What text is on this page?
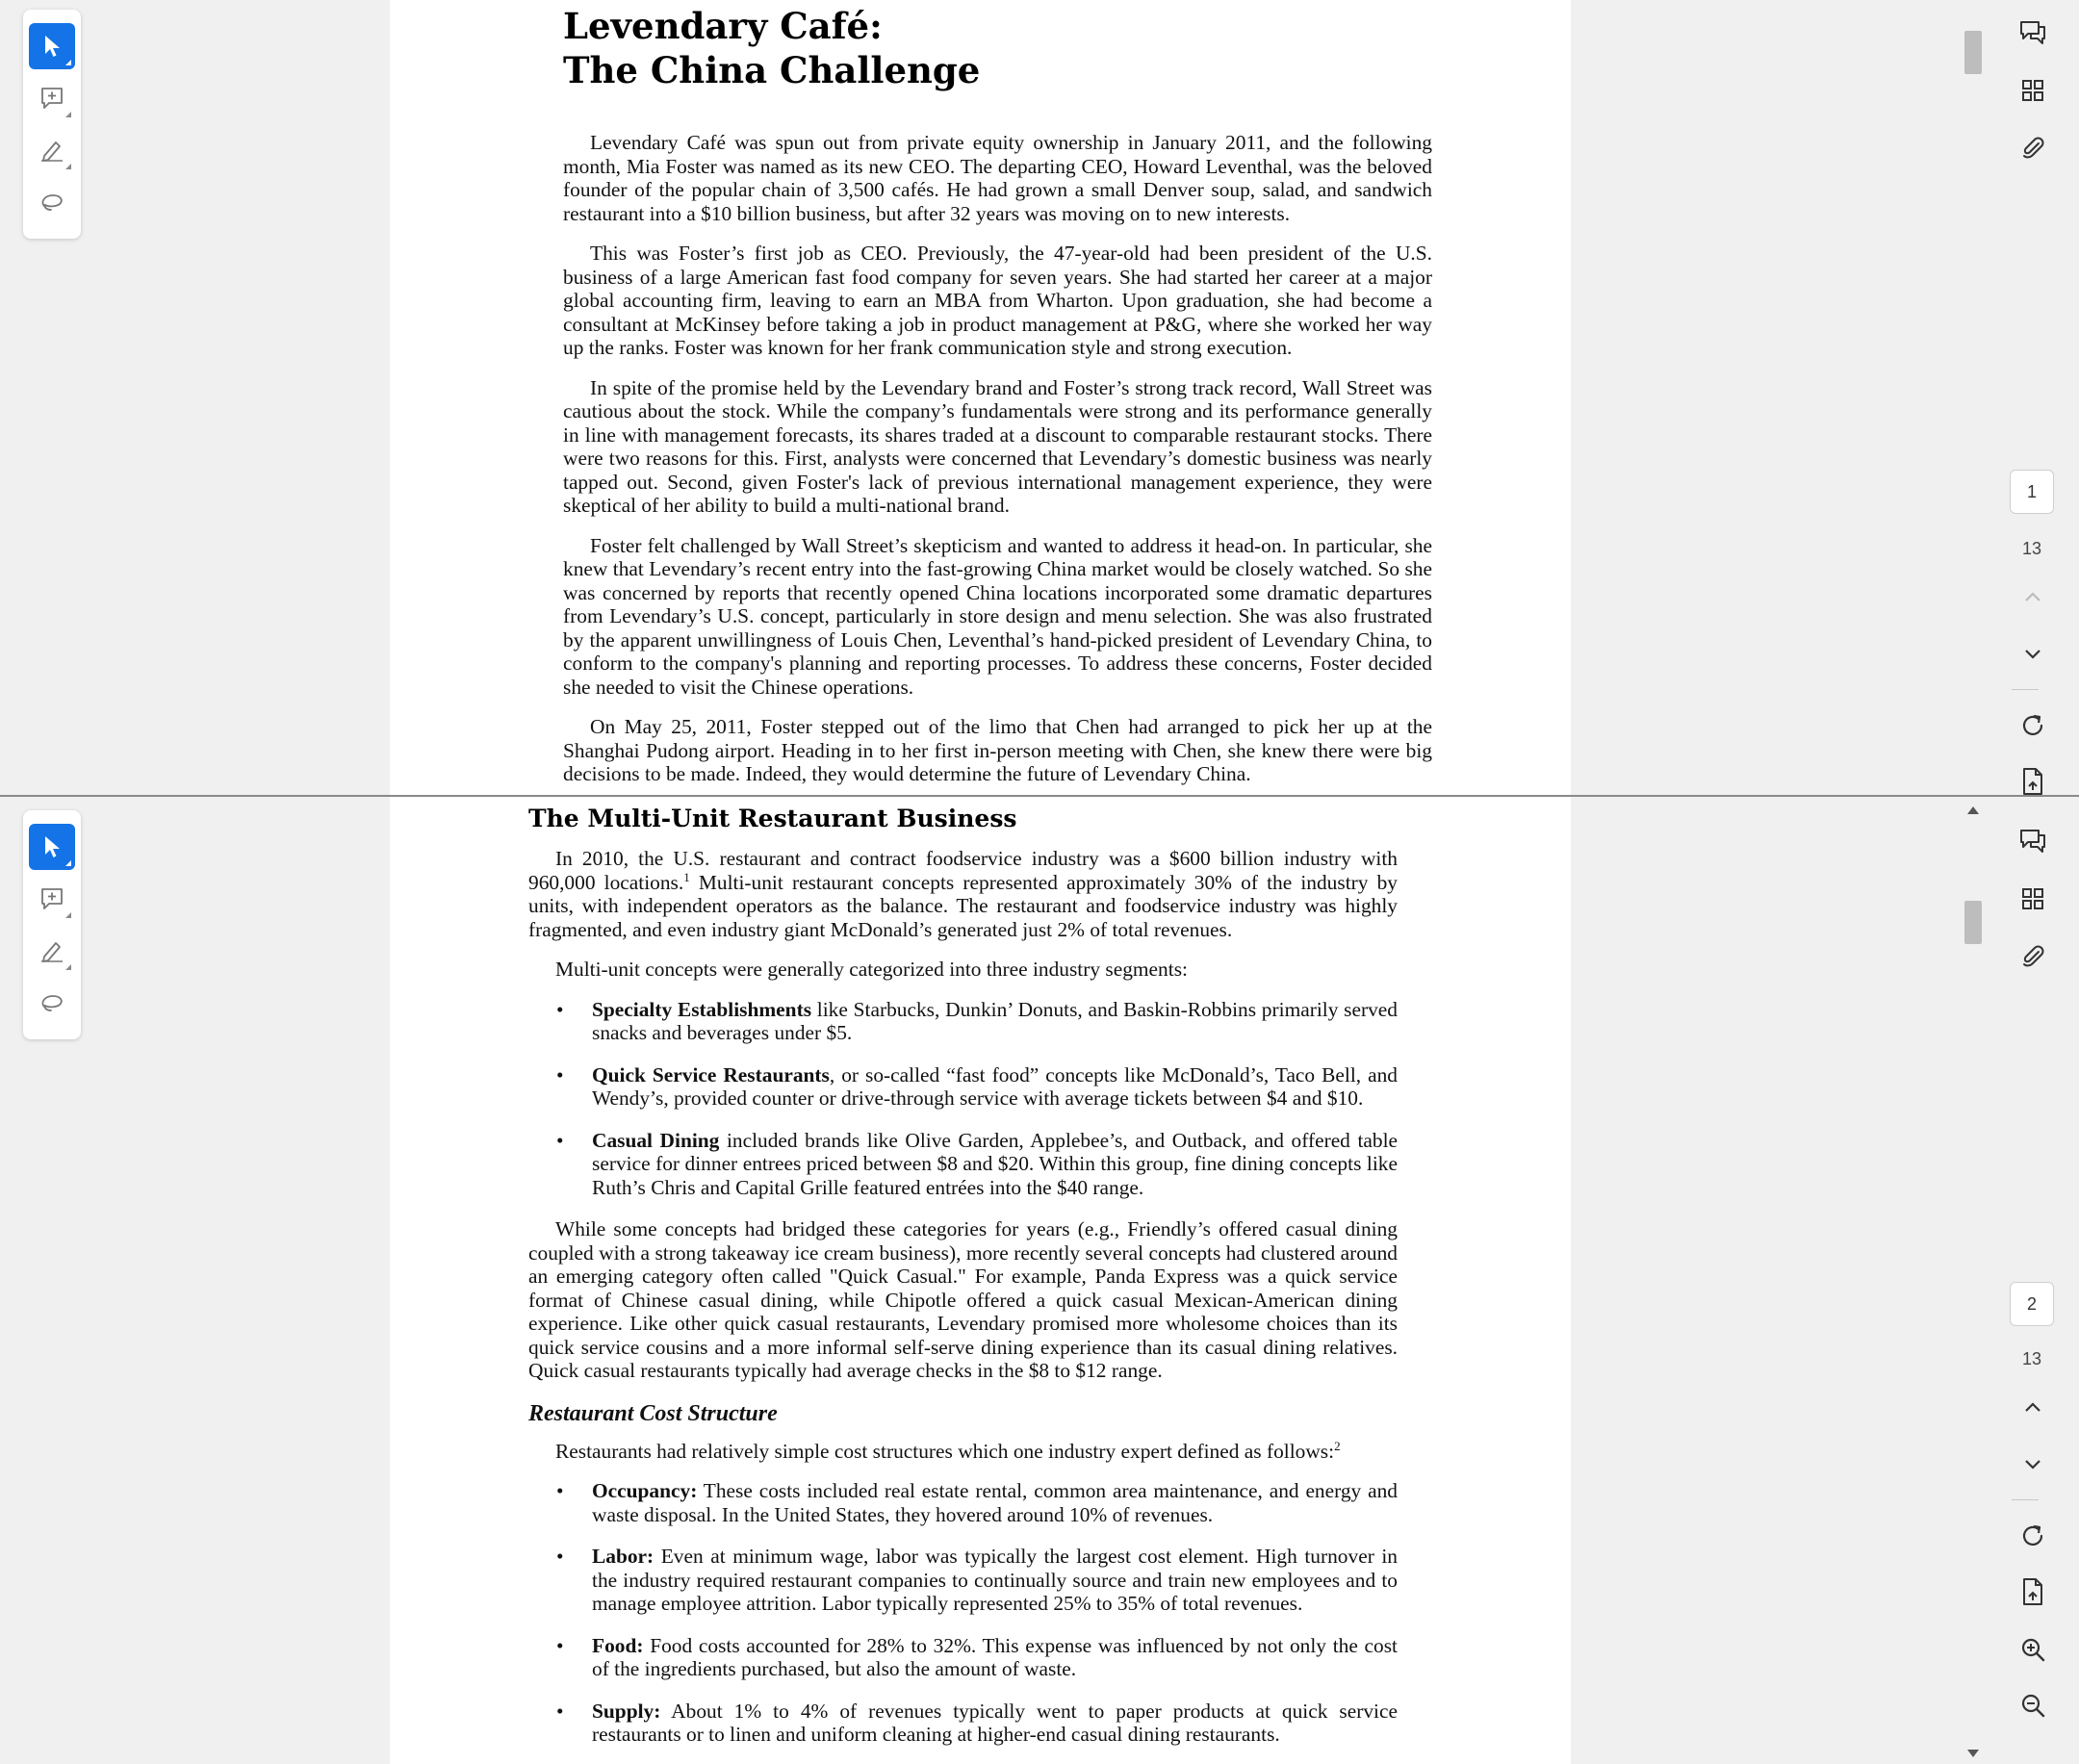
Levendary Café:
The China Challenge

Levendary Café was spun out from private equity ownership in January 2011, and the following month, Mia Foster was named as its new CEO. The departing CEO, Howard Leventhal, was the beloved founder of the popular chain of 3,500 cafés. He had grown a small Denver soup, salad, and sandwich restaurant into a $10 billion business, but after 32 years was moving on to new interests.

This was Foster’s first job as CEO. Previously, the 47-year-old had been president of the U.S. business of a large American fast food company for seven years. She had started her career at a major global accounting firm, leaving to earn an MBA from Wharton. Upon graduation, she had become a consultant at McKinsey before taking a job in product management at P&G, where she worked her way up the ranks. Foster was known for her frank communication style and strong execution.

In spite of the promise held by the Levendary brand and Foster’s strong track record, Wall Street was cautious about the stock. While the company’s fundamentals were strong and its performance generally in line with management forecasts, its shares traded at a discount to comparable restaurant stocks. There were two reasons for this. First, analysts were concerned that Levendary’s domestic business was nearly tapped out. Second, given Foster's lack of previous international management experience, they were skeptical of her ability to build a multi-national brand.

Foster felt challenged by Wall Street’s skepticism and wanted to address it head-on. In particular, she knew that Levendary’s recent entry into the fast-growing China market would be closely watched. So she was concerned by reports that recently opened China locations incorporated some dramatic departures from Levendary’s U.S. concept, particularly in store design and menu selection. She was also frustrated by the apparent unwillingness of Louis Chen, Leventhal’s hand-picked president of Levendary China, to conform to the company's planning and reporting processes. To address these concerns, Foster decided she needed to visit the Chinese operations.

On May 25, 2011, Foster stepped out of the limo that Chen had arranged to pick her up at the Shanghai Pudong airport. Heading in to her first in-person meeting with Chen, she knew there were big decisions to be made. Indeed, they would determine the future of Levendary China.

1
13
The Multi-Unit Restaurant Business

In 2010, the U.S. restaurant and contract foodservice industry was a $600 billion industry with 960,000 locations.$^1$ Multi-unit restaurant concepts represented approximately 30% of the industry by units, with independent operators as the balance. The restaurant and foodservice industry was highly fragmented, and even industry giant McDonald’s generated just 2% of total revenues.

Multi-unit concepts were generally categorized into three industry segments:

• Specialty Establishments like Starbucks, Dunkin’ Donuts, and Baskin-Robbins primarily served snacks and beverages under $5.
• Quick Service Restaurants, or so-called “fast food” concepts like McDonald’s, Taco Bell, and Wendy’s, provided counter or drive-through service with average tickets between $4 and $10.
• Casual Dining included brands like Olive Garden, Applebee’s, and Outback, and offered table service for dinner entrees priced between $8 and $20. Within this group, fine dining concepts like Ruth’s Chris and Capital Grille featured entrées into the $40 range.

While some concepts had bridged these categories for years (e.g., Friendly’s offered casual dining coupled with a strong takeaway ice cream business), more recently several concepts had clustered around an emerging category often called "Quick Casual." For example, Panda Express was a quick service format of Chinese casual dining, while Chipotle offered a quick casual Mexican-American dining experience. Like other quick casual restaurants, Levendary promised more wholesome choices than its quick service cousins and a more informal self-serve dining experience than its casual dining relatives. Quick casual restaurants typically had average checks in the $8 to $12 range.

Restaurant Cost Structure

Restaurants had relatively simple cost structures which one industry expert defined as follows:$^2$

• Occupancy: These costs included real estate rental, common area maintenance, and energy and waste disposal. In the United States, they hovered around 10% of revenues.
• Labor: Even at minimum wage, labor was typically the largest cost element. High turnover in the industry required restaurant companies to continually source and train new employees and to manage employee attrition. Labor typically represented 25% to 35% of total revenues.
• Food: Food costs accounted for 28% to 32%. This expense was influenced by not only the cost of the ingredients purchased, but also the amount of waste.
• Supply: About 1% to 4% of revenues typically went to paper products at quick service restaurants or to linen and uniform cleaning at higher-end casual dining restaurants.
2
13
